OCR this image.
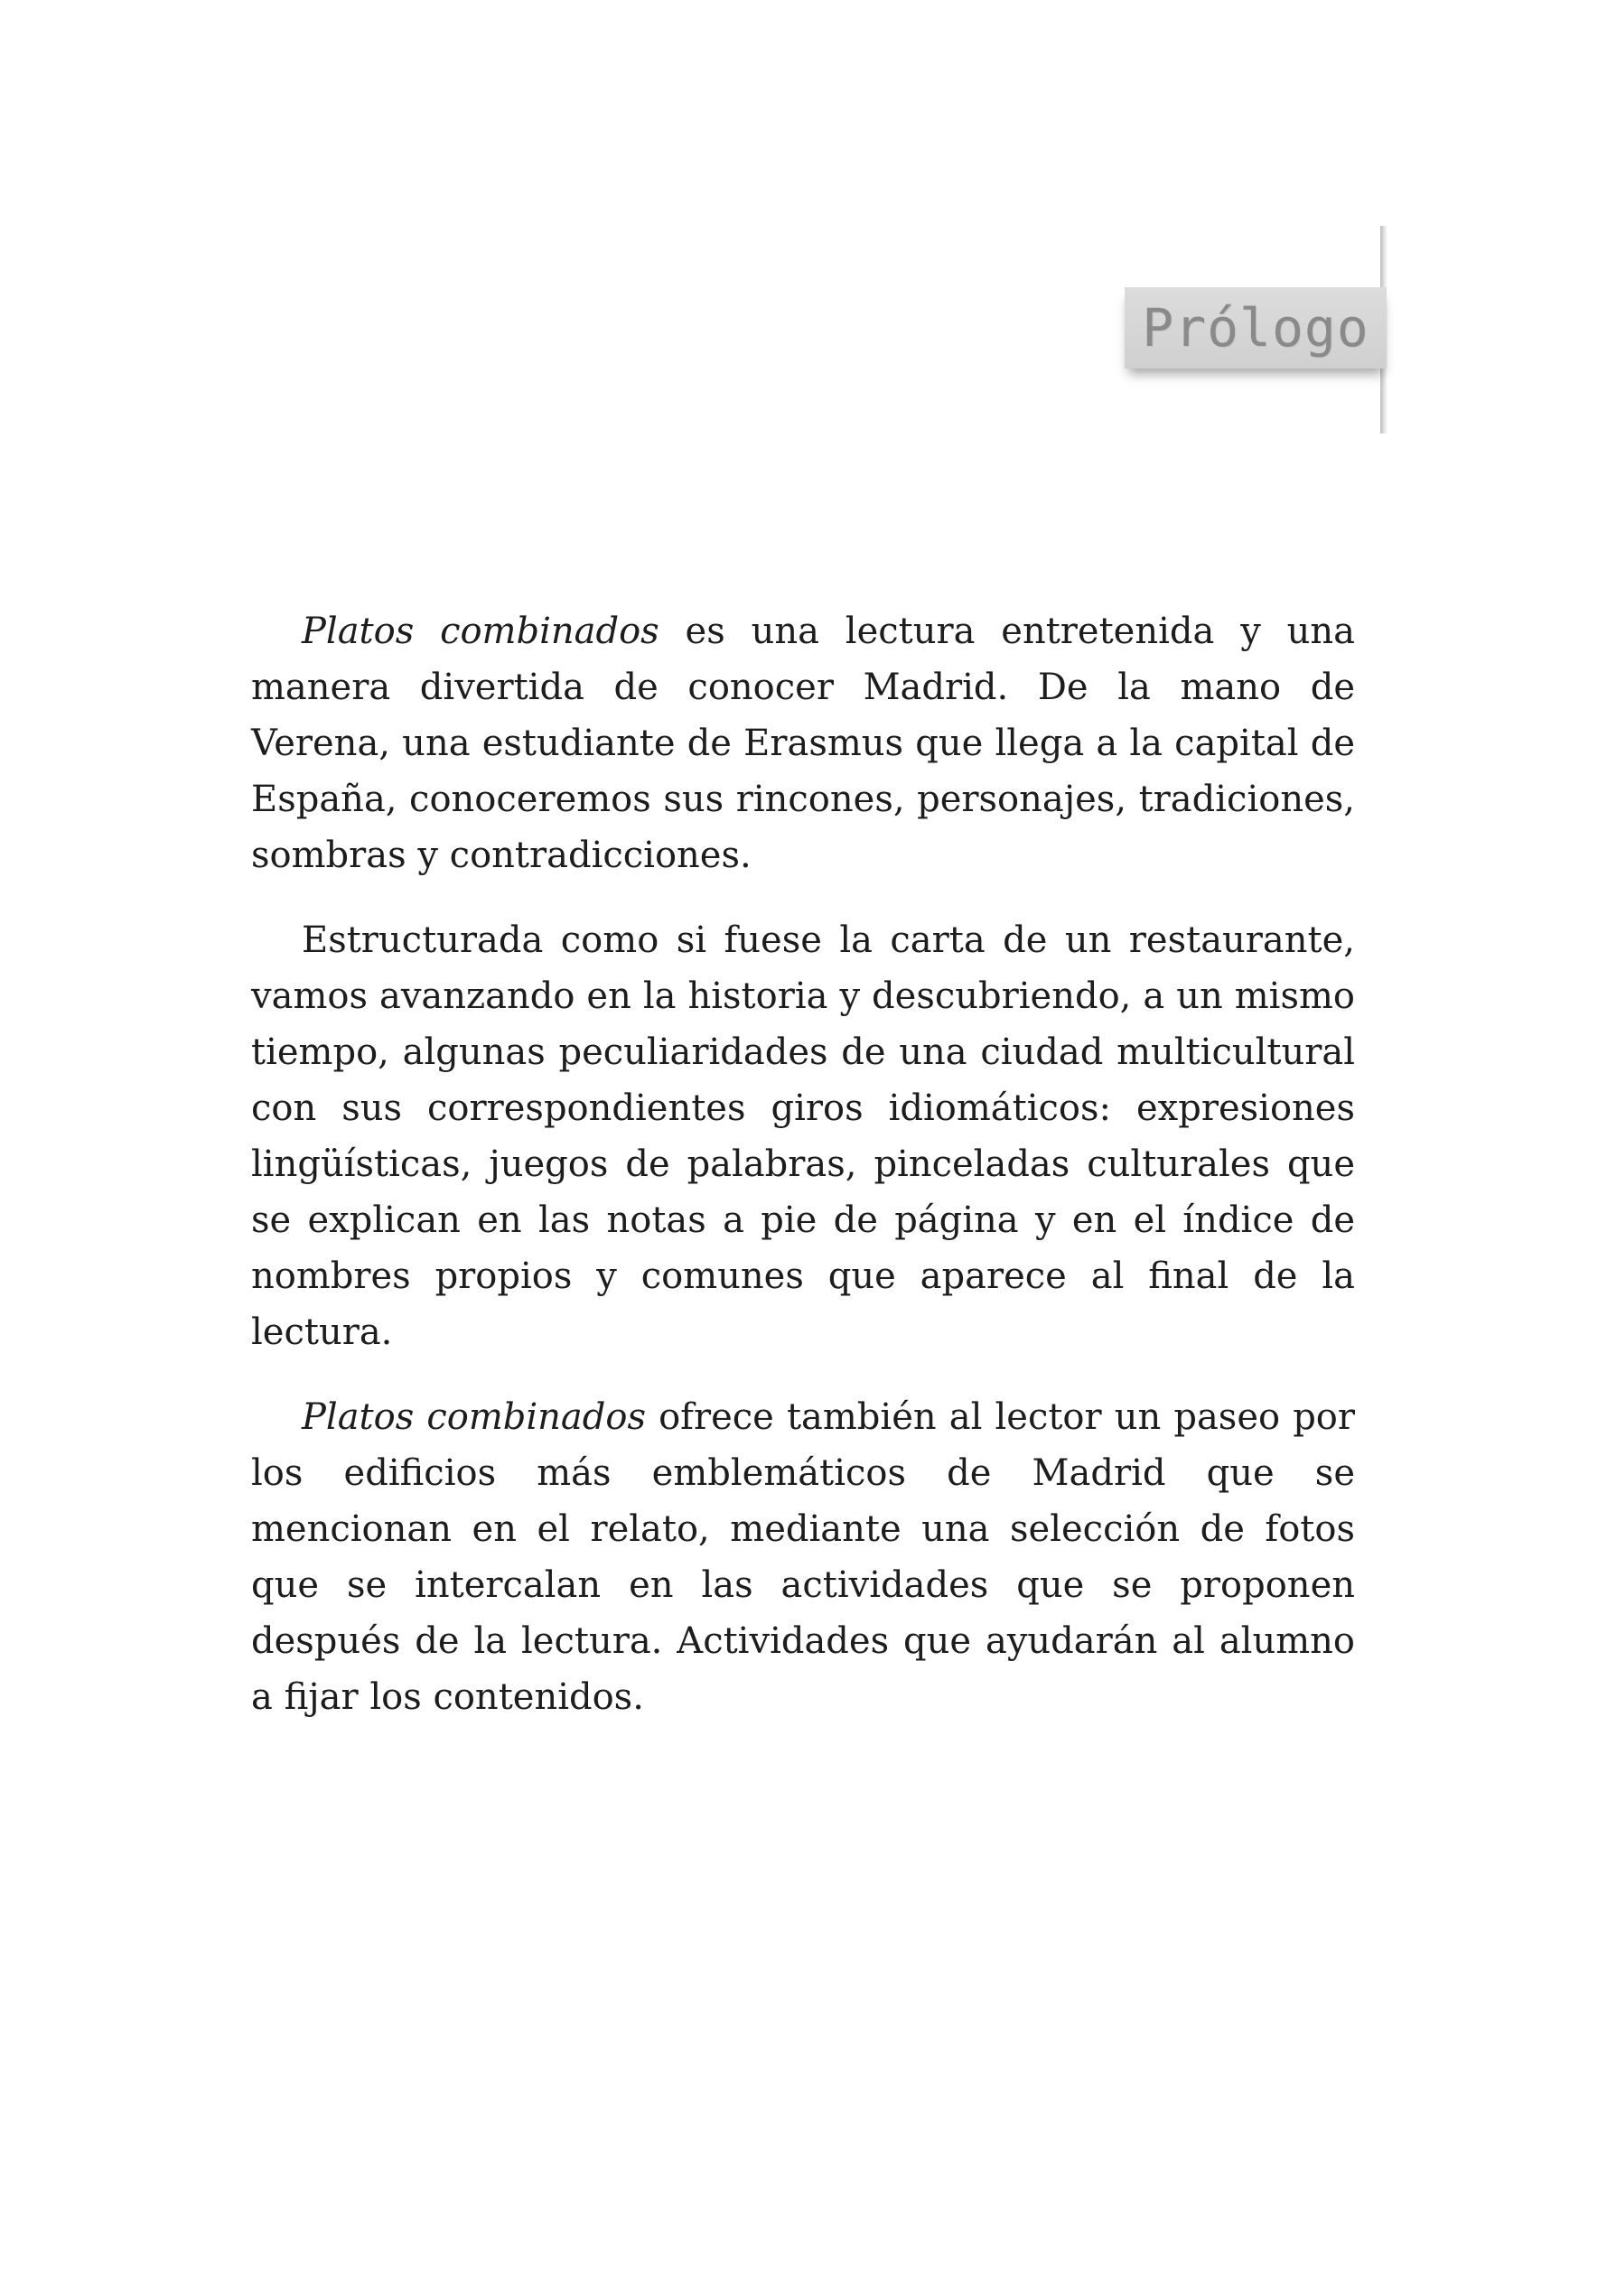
Prólogo

Platos combinados es una lectura entretenida y una manera divertida de conocer Madrid. De la mano de Verena, una estudiante de Erasmus que llega a la capital de España, conoceremos sus rincones, personajes, tradiciones, sombras y contradicciones.

Estructurada como si fuese la carta de un restaurante, vamos avanzando en la historia y descubriendo, a un mismo tiempo, algunas peculiaridades de una ciudad multicultural con sus correspondientes giros idiomáticos: expresiones lingüísticas, juegos de palabras, pinceladas culturales que se explican en las notas a pie de página y en el índice de nombres propios y comunes que aparece al final de la lectura.

Platos combinados ofrece también al lector un paseo por los edificios más emblemáticos de Madrid que se mencionan en el relato, mediante una selección de fotos que se intercalan en las actividades que se proponen después de la lectura. Actividades que ayudarán al alumno a fijar los contenidos.
